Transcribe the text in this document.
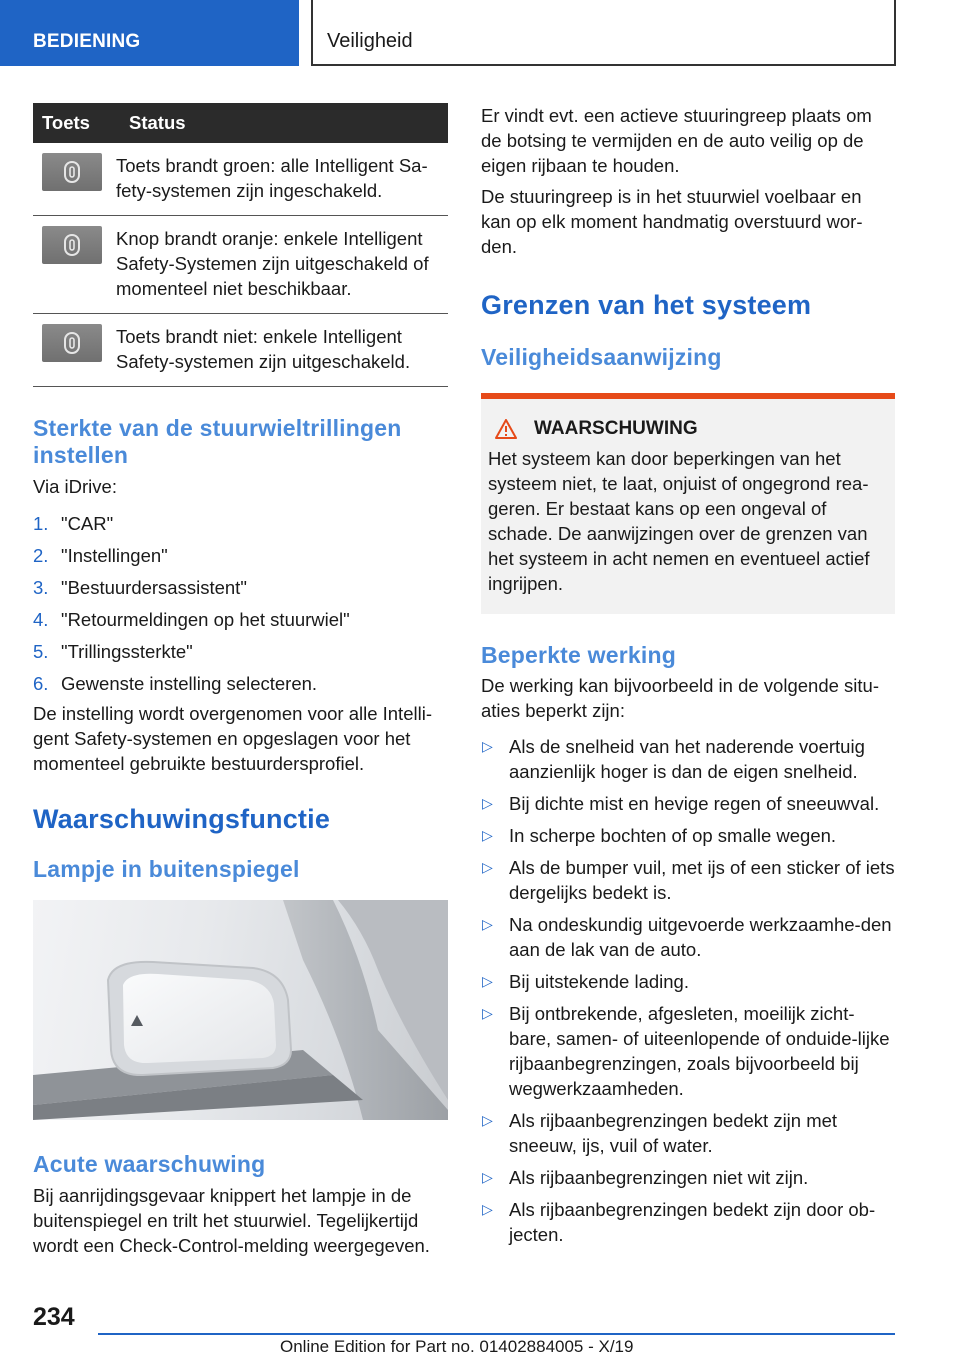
BEDIENING	Veiligheid
Toets	Status

	Toets brandt groen: alle Intelligent Sa-fety-systemen zijn ingeschakeld.

	Knop brandt oranje: enkele Intelligent Safety-Systemen zijn uitgeschakeld of momenteel niet beschikbaar.

	Toets brandt niet: enkele Intelligent Safety-systemen zijn uitgeschakeld.
Sterkte van de stuurwieltrillingen instellen

Via iDrive:

1. "CAR"
2. "Instellingen"
3. "Bestuurdersassistent"
4. "Retourmeldingen op het stuurwiel"
5. "Trillingssterkte"
6. Gewenste instelling selecteren.

De instelling wordt overgenomen voor alle Intelli-gent Safety-systemen en opgeslagen voor het momenteel gebruikte bestuurdersprofiel.

Waarschuwingsfunctie
Lampje in buitenspiegel
Acute waarschuwing

Bij aanrijdingsgevaar knippert het lampje in de buitenspiegel en trilt het stuurwiel. Tegelijkertijd wordt een Check-Control-melding weergegeven.

Er vindt evt. een actieve stuuringreep plaats om de botsing te vermijden en de auto veilig op de eigen rijbaan te houden.

De stuuringreep is in het stuurwiel voelbaar en kan op elk moment handmatig overstuurd wor-den.

Grenzen van het systeem
Veiligheidsaanwijzing
WAARSCHUWING

Het systeem kan door beperkingen van het systeem niet, te laat, onjuist of ongegrond rea-geren. Er bestaat kans op een ongeval of schade. De aanwijzingen over de grenzen van het systeem in acht nemen en eventueel actief ingrijpen.

Beperkte werking

De werking kan bijvoorbeeld in de volgende situ-aties beperkt zijn:

▷ Als de snelheid van het naderende voertuig aanzienlijk hoger is dan de eigen snelheid.
▷ Bij dichte mist en hevige regen of sneeuwval.
▷ In scherpe bochten of op smalle wegen.
▷ Als de bumper vuil, met ijs of een sticker of iets dergelijks bedekt is.
▷ Na ondeskundig uitgevoerde werkzaamhe-den aan de lak van de auto.
▷ Bij uitstekende lading.
▷ Bij ontbrekende, afgesleten, moeilijk zicht-bare, samen- of uiteenlopende of onduide-lijke rijbaanbegrenzingen, zoals bijvoorbeeld bij wegwerkzaamheden.
▷ Als rijbaanbegrenzingen bedekt zijn met sneeuw, ijs, vuil of water.
▷ Als rijbaanbegrenzingen niet wit zijn.
▷ Als rijbaanbegrenzingen bedekt zijn door ob-jecten.
234
Online Edition for Part no. 01402884005 - X/19
